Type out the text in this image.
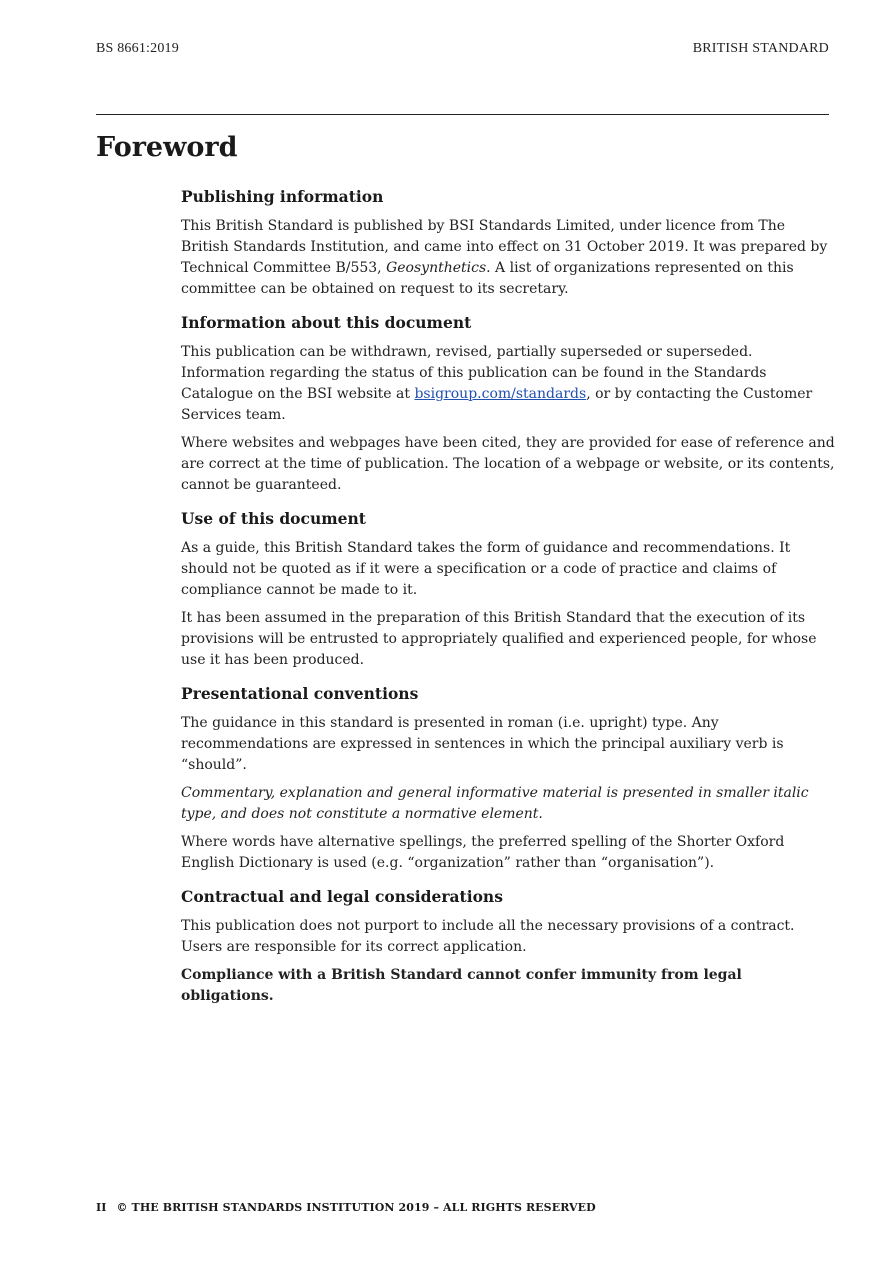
BS 8661:2019	BRITISH STANDARD
Foreword
Publishing information

This British Standard is published by BSI Standards Limited, under licence from The British Standards Institution, and came into effect on 31 October 2019. It was prepared by Technical Committee B/553, Geosynthetics. A list of organizations represented on this committee can be obtained on request to its secretary.

Information about this document

This publication can be withdrawn, revised, partially superseded or superseded. Information regarding the status of this publication can be found in the Standards Catalogue on the BSI website at bsigroup.com/standards, or by contacting the Customer Services team.

Where websites and webpages have been cited, they are provided for ease of reference and are correct at the time of publication. The location of a webpage or website, or its contents, cannot be guaranteed.

Use of this document

As a guide, this British Standard takes the form of guidance and recommendations. It should not be quoted as if it were a specification or a code of practice and claims of compliance cannot be made to it.

It has been assumed in the preparation of this British Standard that the execution of its provisions will be entrusted to appropriately qualified and experienced people, for whose use it has been produced.

Presentational conventions

The guidance in this standard is presented in roman (i.e. upright) type. Any recommendations are expressed in sentences in which the principal auxiliary verb is “should”.

Commentary, explanation and general informative material is presented in smaller italic type, and does not constitute a normative element.

Where words have alternative spellings, the preferred spelling of the Shorter Oxford English Dictionary is used (e.g. “organization” rather than “organisation”).

Contractual and legal considerations

This publication does not purport to include all the necessary provisions of a contract. Users are responsible for its correct application.

Compliance with a British Standard cannot confer immunity from legal obligations.

II © THE BRITISH STANDARDS INSTITUTION 2019 – ALL RIGHTS RESERVED
